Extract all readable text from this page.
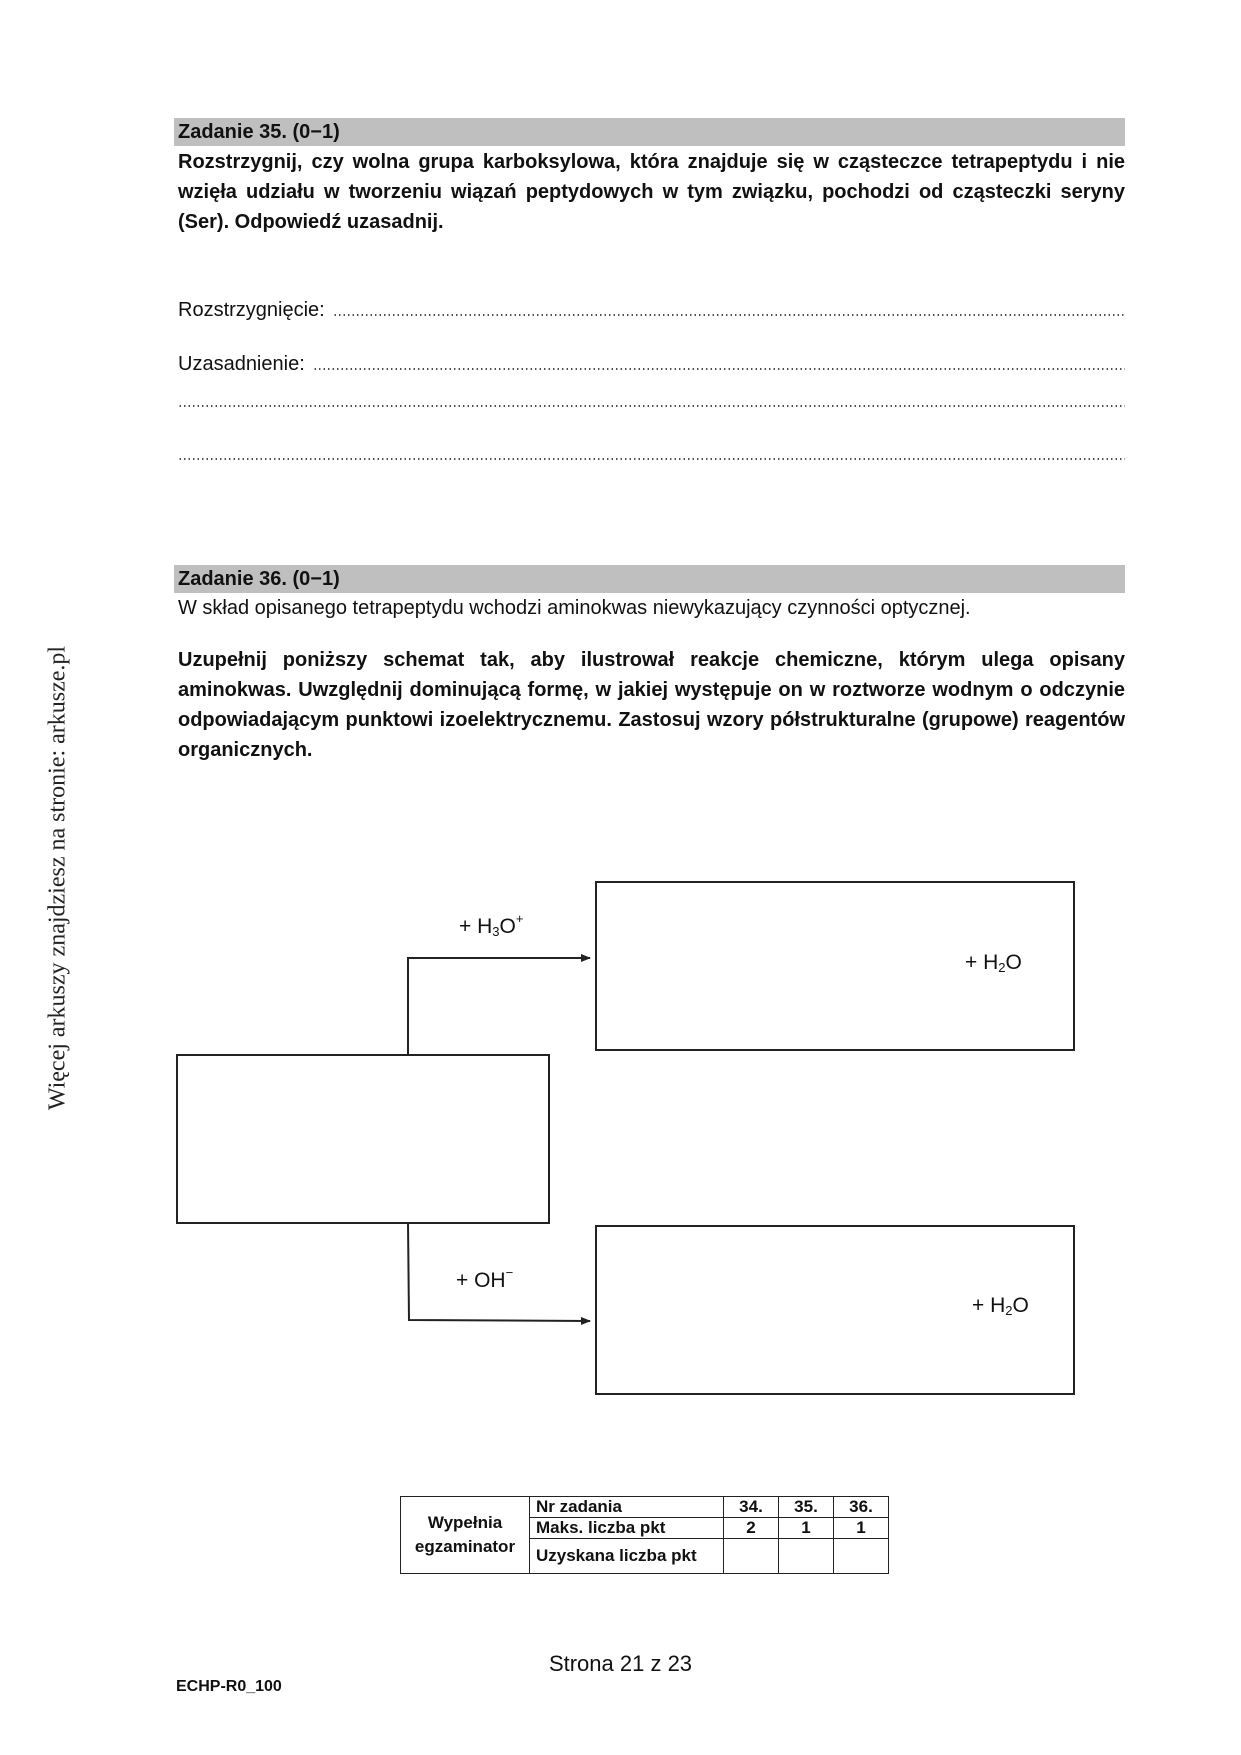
Więcej arkuszy znajdziesz na stronie: arkusze.pl
Zadanie 35. (0−1)
Rozstrzygnij, czy wolna grupa karboksylowa, która znajduje się w cząsteczce tetrapeptydu i nie wzięła udziału w tworzeniu wiązań peptydowych w tym związku, pochodzi od cząsteczki seryny (Ser). Odpowiedź uzasadnij.
Rozstrzygnięcie:
Uzasadnienie:
Zadanie 36. (0−1)
W skład opisanego tetrapeptydu wchodzi aminokwas niewykazujący czynności optycznej.
Uzupełnij poniższy schemat tak, aby ilustrował reakcje chemiczne, którym ulega opisany aminokwas. Uwzględnij dominującą formę, w jakiej występuje on w roztworze wodnym o odczynie odpowiadającym punktowi izoelektrycznemu. Zastosuj wzory półstrukturalne (grupowe) reagentów organicznych.
+ $H_3O^+$
+ $H_2O$
+ OH−
+ $H_2O$
Wypełnia
egzaminator	Nr zadania	34.	35.	36.
	Maks. liczba pkt	2	1	1
	Uzyskana liczba pkt			
Strona 21 z 23
ECHP-R0_100
